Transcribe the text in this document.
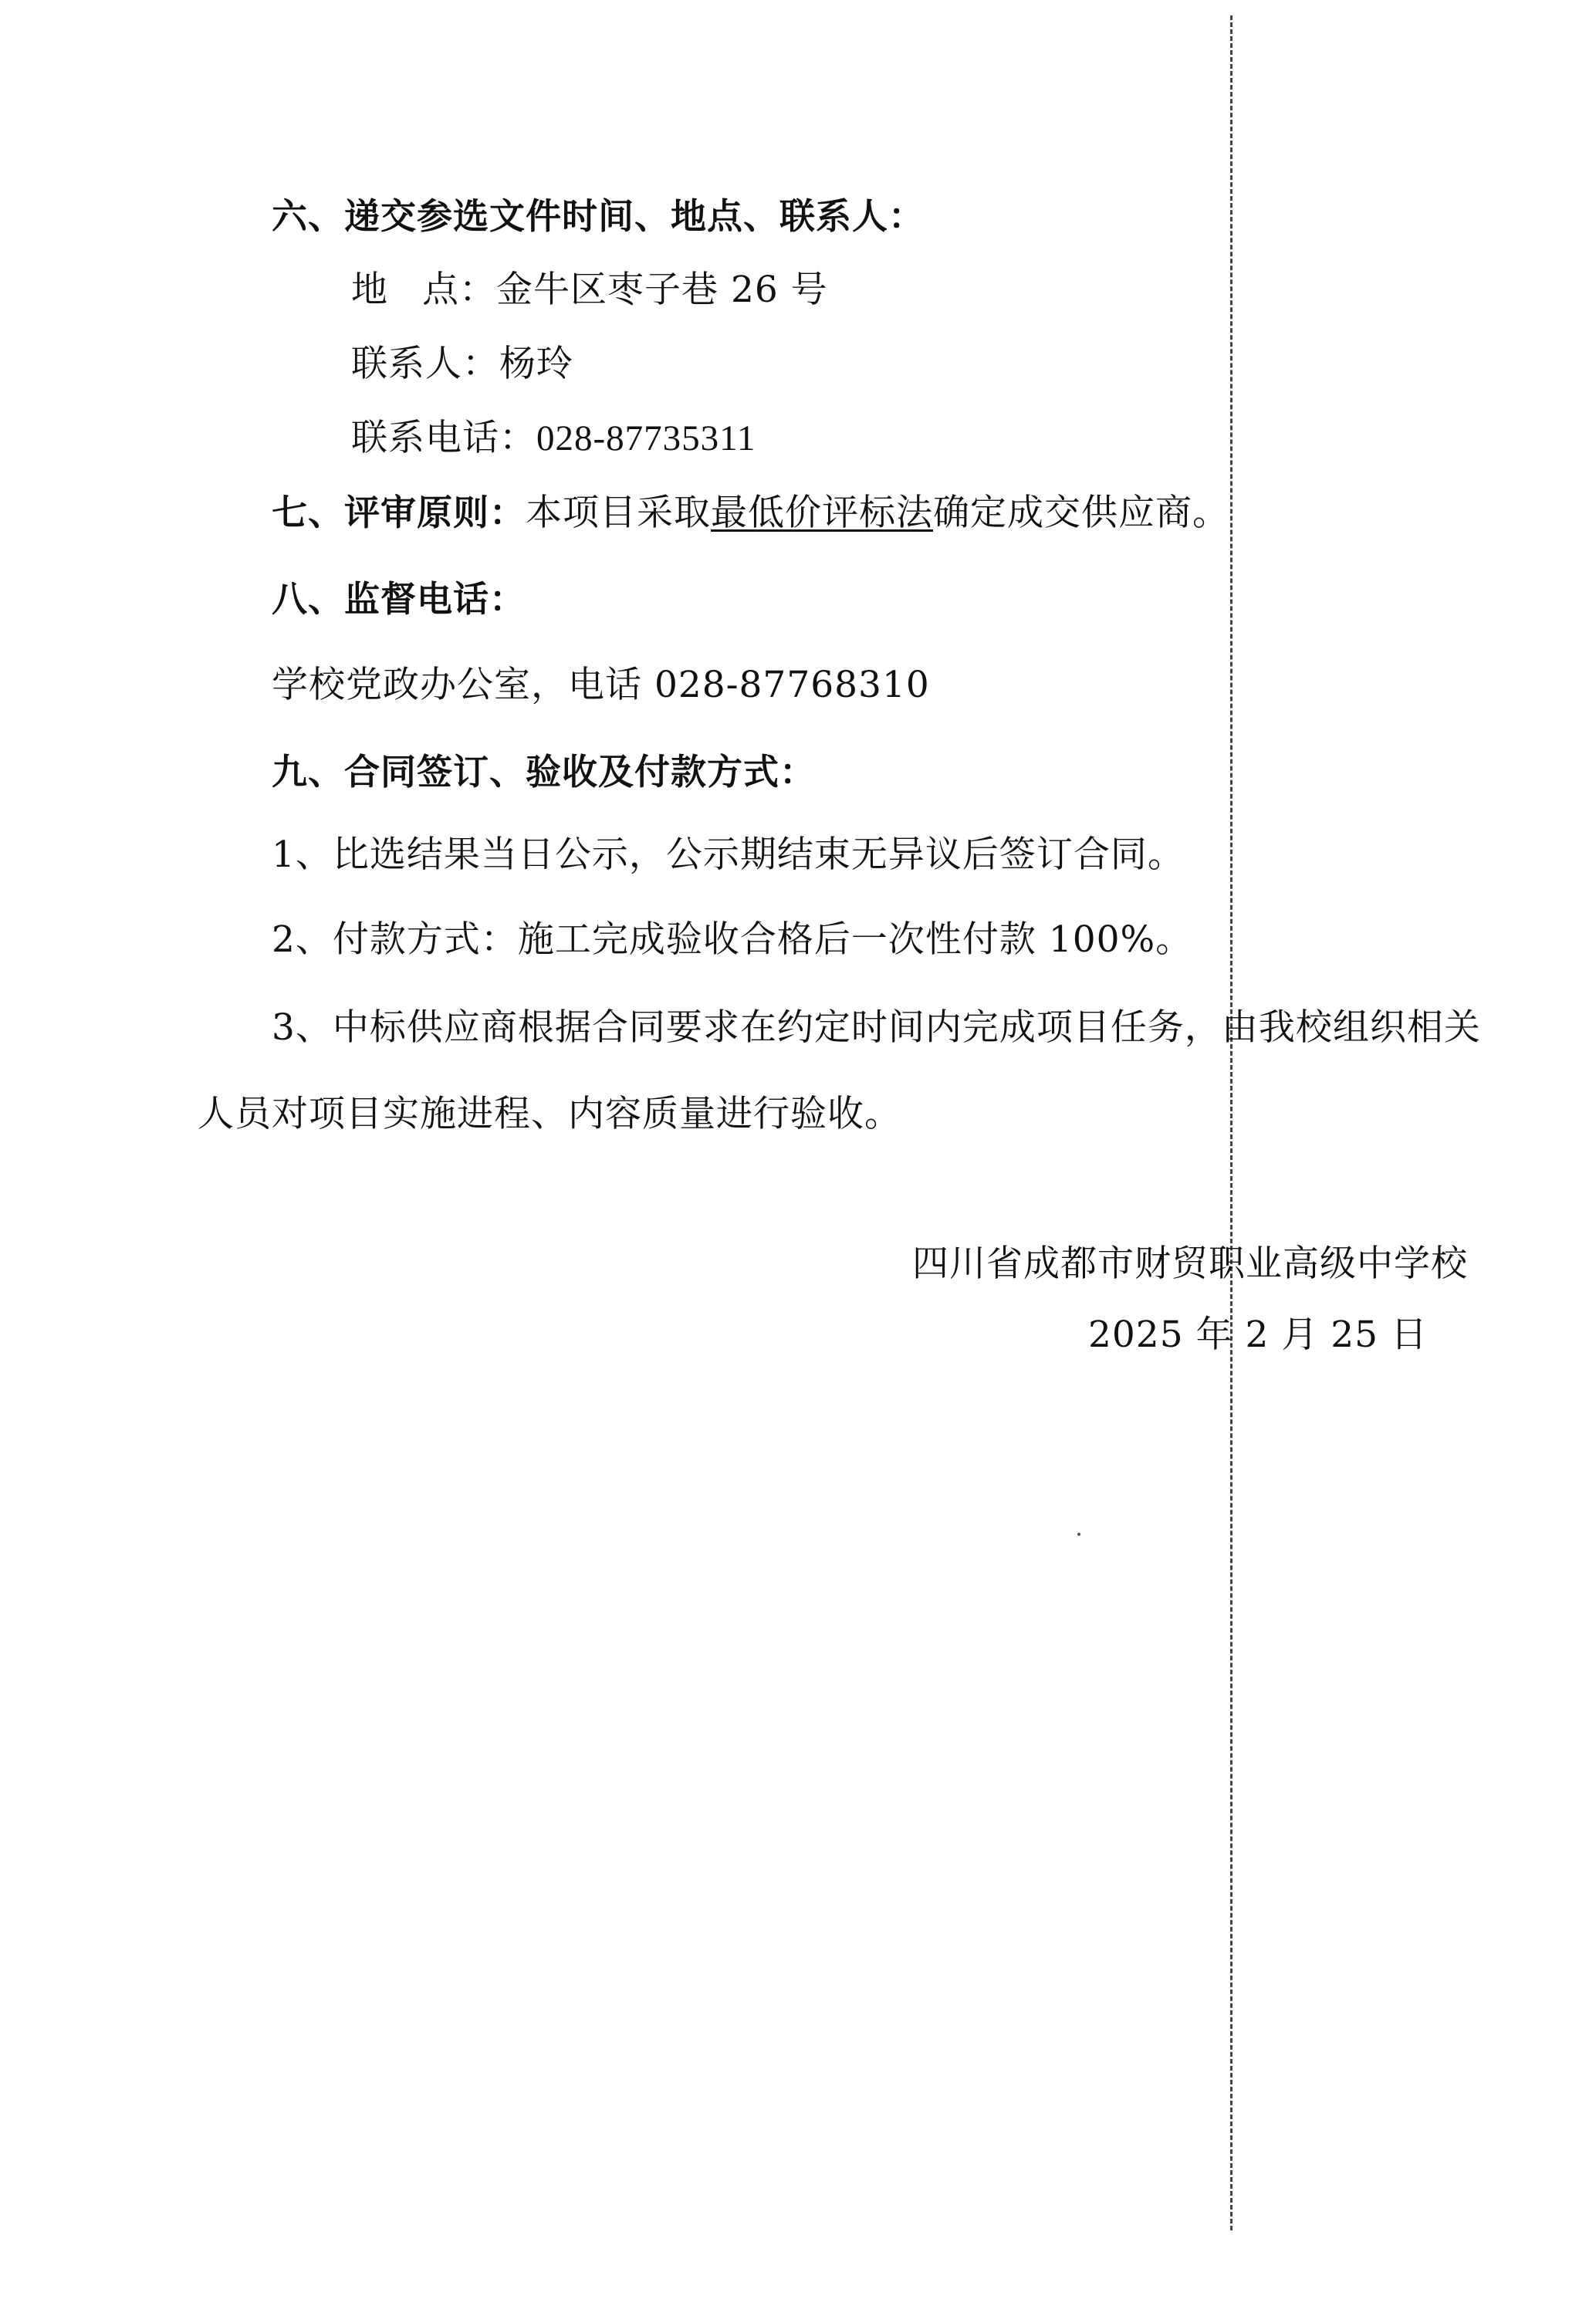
六、递交参选文件时间、地点、联系人：
地 点：金牛区枣子巷 26 号
联系人：杨玲
联系电话：028-87735311
七、评审原则：本项目采取最低价评标法确定成交供应商。
八、监督电话：
学校党政办公室，电话 028-87768310
九、合同签订、验收及付款方式：
1、比选结果当日公示，公示期结束无异议后签订合同。
2、付款方式：施工完成验收合格后一次性付款 100%。
3、中标供应商根据合同要求在约定时间内完成项目任务，由我校组织相关
人员对项目实施进程、内容质量进行验收。
四川省成都市财贸职业高级中学校
2025 年 2 月 25 日
